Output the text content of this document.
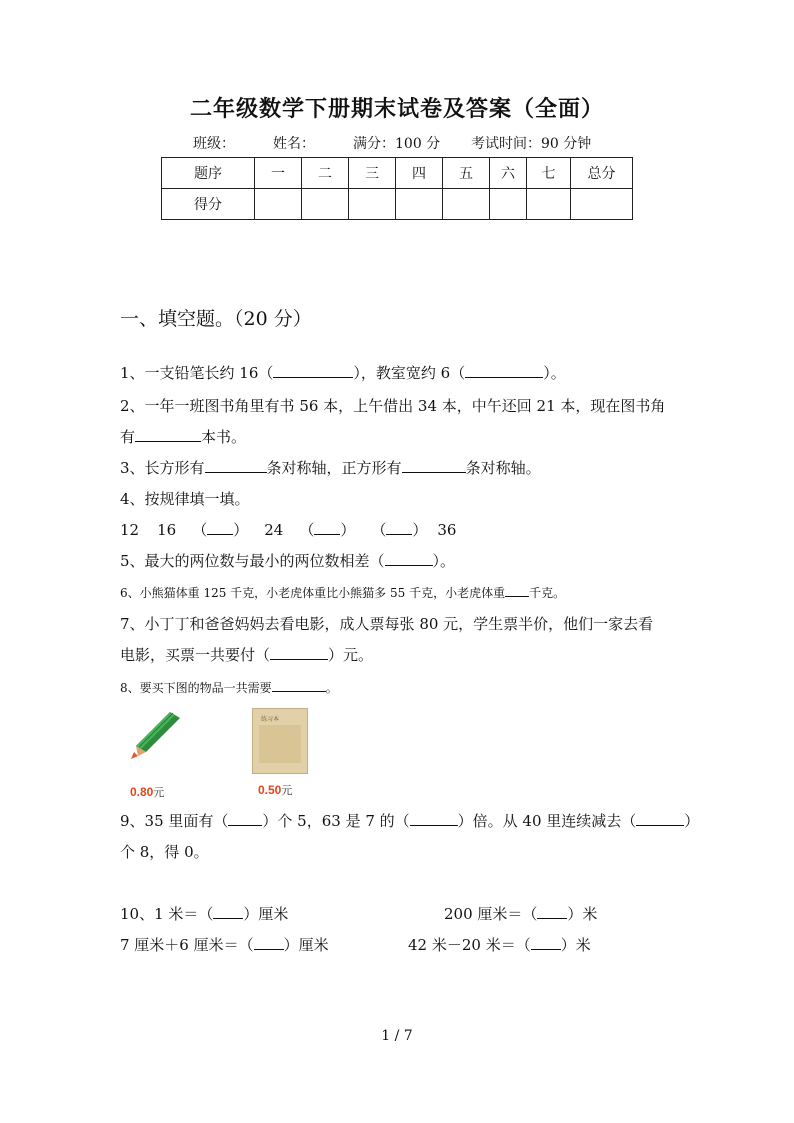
二年级数学下册期末试卷及答案（全面）
班级：	姓名：	满分：100 分 考试时间：90 分钟
题序	一	二	三	四	五	六	七	总分
得分								
一、填空题。（20 分）
1、一支铅笔长约 16（	），教室宽约 6（	）。
2、一年一班图书角里有书 56 本，上午借出 34 本，中午还回 21 本，现在图书角
有	本书。
3、长方形有	条对称轴，正方形有	条对称轴。
4、按规律填一填。
12 16 （ ） 24 （ ） （ ） 36
5、最大的两位数与最小的两位数相差（	）。
6、小熊猫体重 125 千克，小老虎体重比小熊猫多 55 千克，小老虎体重 千克。
7、小丁丁和爸爸妈妈去看电影，成人票每张 80 元，学生票半价，他们一家去看
电影，买票一共要付（	）元。
8、要买下图的物品一共需要	。
0.80元
练习本
0.50元
9、35 里面有（ ）个 5，63 是 7 的（	）倍。从 40 里连续减去（	）
个 8，得 0。
10、1 米＝（ ）厘米	200 厘米＝（ ）米
7 厘米＋6 厘米＝（ ）厘米	42 米－20 米＝（ ）米
1 / 7
